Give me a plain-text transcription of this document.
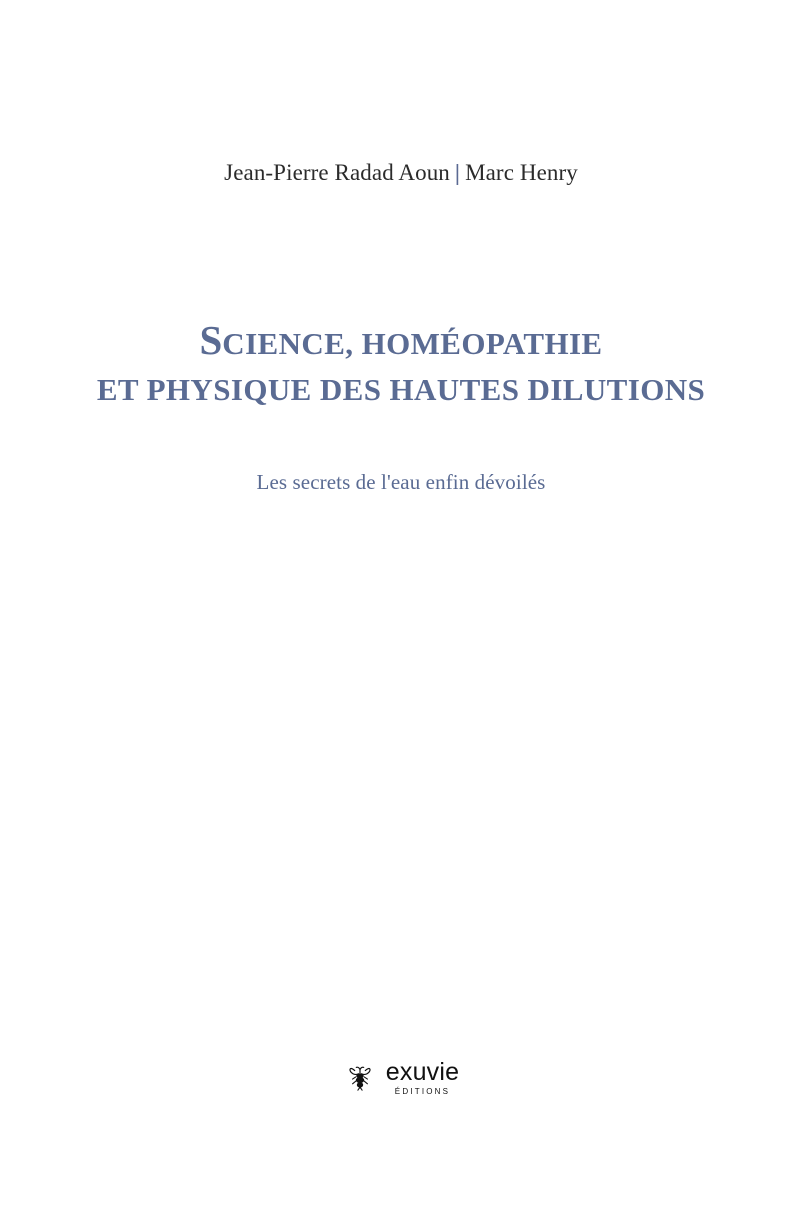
Jean-Pierre Radad Aoun | Marc Henry
SCIENCE, HOMÉOPATHIE
ET PHYSIQUE DES HAUTES DILUTIONS
Les secrets de l'eau enfin dévoilés
exuvie
ÉDITIONS
